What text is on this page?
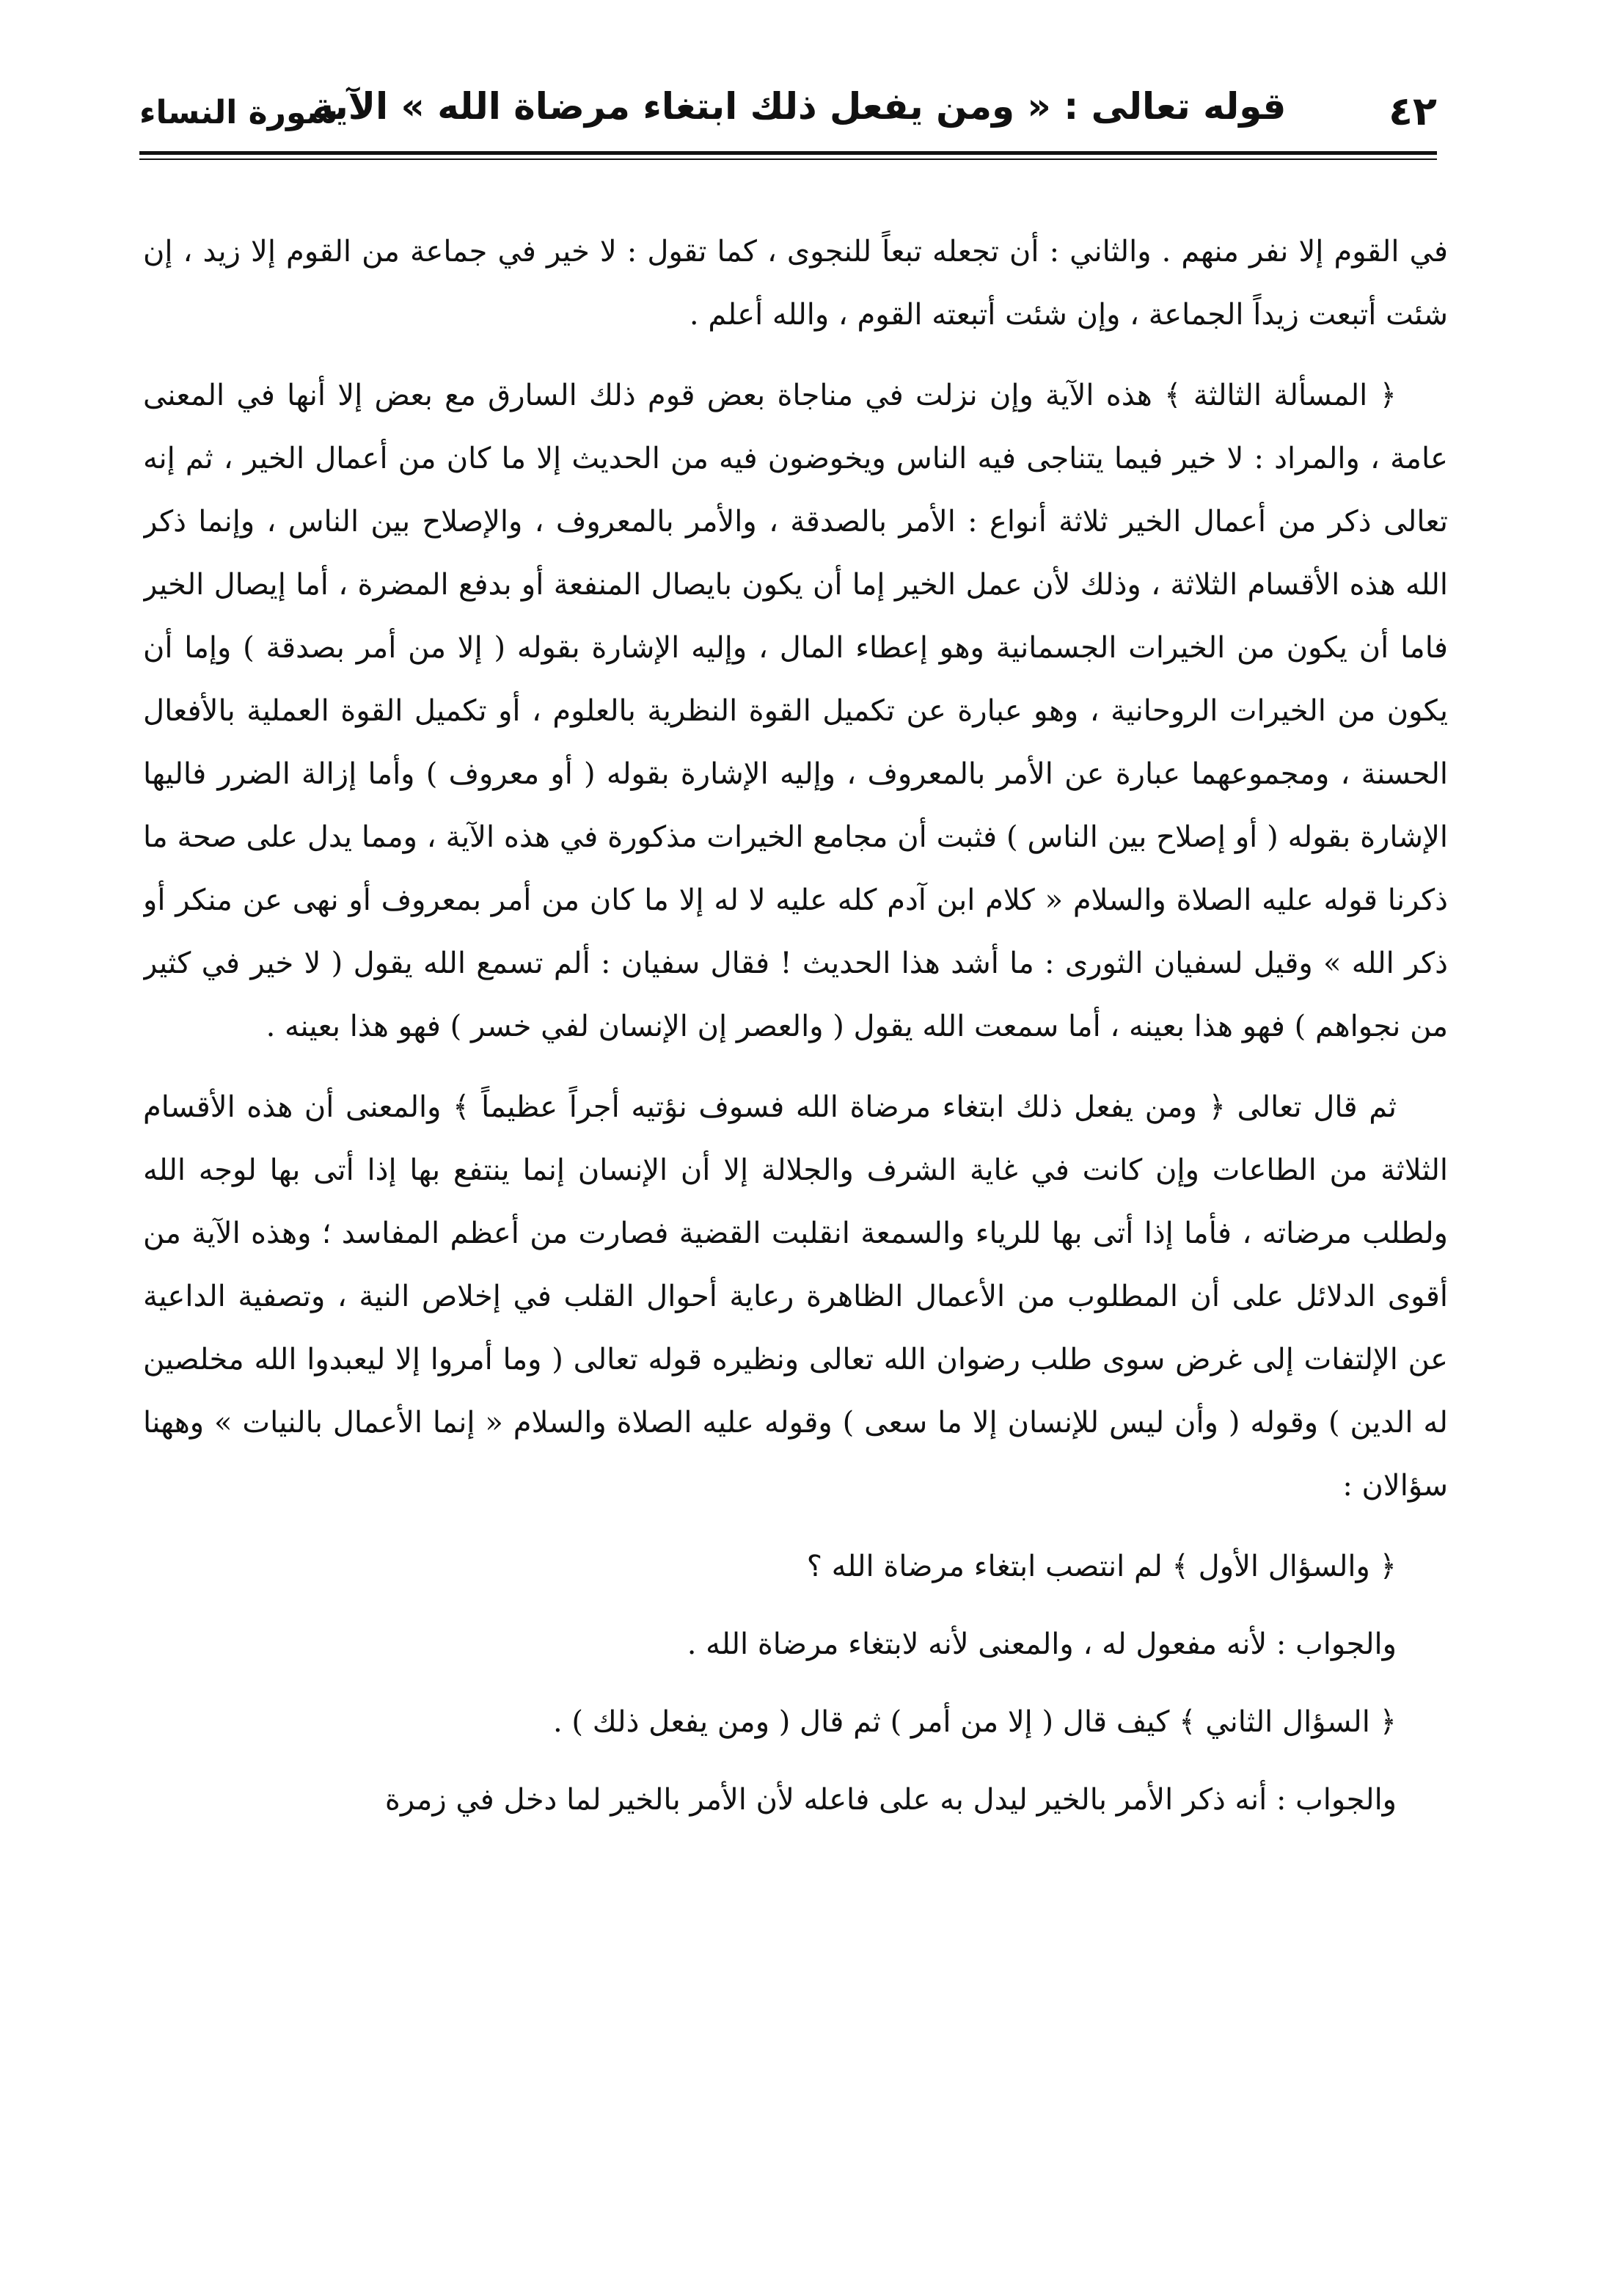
٤٢
قوله تعالى : « ومن يفعل ذلك ابتغاء مرضاة الله » الآية
سورة النساء

في القوم إلا نفر منهم . والثاني : أن تجعله تبعاً للنجوى ، كما تقول : لا خير في جماعة من القوم إلا زيد ، إن شئت أتبعت زيداً الجماعة ، وإن شئت أتبعته القوم ، والله أعلم .

﴿ المسألة الثالثة ﴾ هذه الآية وإن نزلت في مناجاة بعض قوم ذلك السارق مع بعض إلا أنها في المعنى عامة ، والمراد : لا خير فيما يتناجى فيه الناس ويخوضون فيه من الحديث إلا ما كان من أعمال الخير ، ثم إنه تعالى ذكر من أعمال الخير ثلاثة أنواع : الأمر بالصدقة ، والأمر بالمعروف ، والإصلاح بين الناس ، وإنما ذكر الله هذه الأقسام الثلاثة ، وذلك لأن عمل الخير إما أن يكون بايصال المنفعة أو بدفع المضرة ، أما إيصال الخير فاما أن يكون من الخيرات الجسمانية وهو إعطاء المال ، وإليه الإشارة بقوله ( إلا من أمر بصدقة ) وإما أن يكون من الخيرات الروحانية ، وهو عبارة عن تكميل القوة النظرية بالعلوم ، أو تكميل القوة العملية بالأفعال الحسنة ، ومجموعهما عبارة عن الأمر بالمعروف ، وإليه الإشارة بقوله ( أو معروف ) وأما إزالة الضرر فاليها الإشارة بقوله ( أو إصلاح بين الناس ) فثبت أن مجامع الخيرات مذكورة في هذه الآية ، ومما يدل على صحة ما ذكرنا قوله عليه الصلاة والسلام « كلام ابن آدم كله عليه لا له إلا ما كان من أمر بمعروف أو نهى عن منكر أو ذكر الله » وقيل لسفيان الثورى : ما أشد هذا الحديث ! فقال سفيان : ألم تسمع الله يقول ( لا خير في كثير من نجواهم ) فهو هذا بعينه ، أما سمعت الله يقول ( والعصر إن الإنسان لفي خسر ) فهو هذا بعينه .

ثم قال تعالى ﴿ ومن يفعل ذلك ابتغاء مرضاة الله فسوف نؤتيه أجراً عظيماً ﴾ والمعنى أن هذه الأقسام الثلاثة من الطاعات وإن كانت في غاية الشرف والجلالة إلا أن الإنسان إنما ينتفع بها إذا أتى بها لوجه الله ولطلب مرضاته ، فأما إذا أتى بها للرياء والسمعة انقلبت القضية فصارت من أعظم المفاسد ؛ وهذه الآية من أقوى الدلائل على أن المطلوب من الأعمال الظاهرة رعاية أحوال القلب في إخلاص النية ، وتصفية الداعية عن الإلتفات إلى غرض سوى طلب رضوان الله تعالى ونظيره قوله تعالى ( وما أمروا إلا ليعبدوا الله مخلصين له الدين ) وقوله ( وأن ليس للإنسان إلا ما سعى ) وقوله عليه الصلاة والسلام « إنما الأعمال بالنيات » وههنا سؤالان :

﴿ والسؤال الأول ﴾ لم انتصب ابتغاء مرضاة الله ؟

والجواب : لأنه مفعول له ، والمعنى لأنه لابتغاء مرضاة الله .

﴿ السؤال الثاني ﴾ كيف قال ( إلا من أمر ) ثم قال ( ومن يفعل ذلك ) .

والجواب : أنه ذكر الأمر بالخير ليدل به على فاعله لأن الأمر بالخير لما دخل في زمرة
